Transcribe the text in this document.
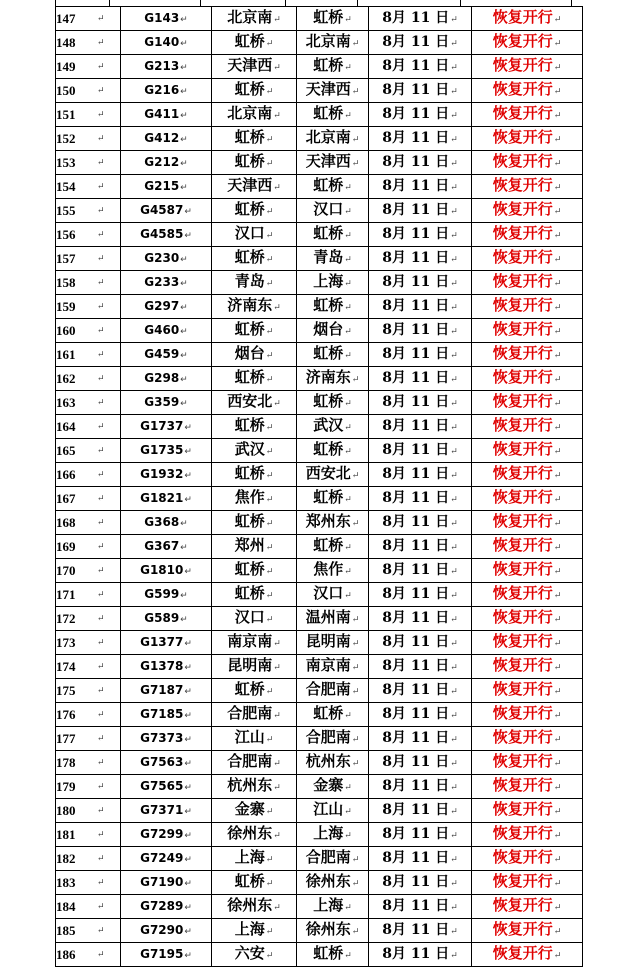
147	↵	G143↵	北京南↵	虹桥↵	8月 11 日↵	恢复开行↵
148	↵	G140↵	虹桥↵	北京南↵	8月 11 日↵	恢复开行↵
149	↵	G213↵	天津西↵	虹桥↵	8月 11 日↵	恢复开行↵
150	↵	G216↵	虹桥↵	天津西↵	8月 11 日↵	恢复开行↵
151	↵	G411↵	北京南↵	虹桥↵	8月 11 日↵	恢复开行↵
152	↵	G412↵	虹桥↵	北京南↵	8月 11 日↵	恢复开行↵
153	↵	G212↵	虹桥↵	天津西↵	8月 11 日↵	恢复开行↵
154	↵	G215↵	天津西↵	虹桥↵	8月 11 日↵	恢复开行↵
155	↵	G4587↵	虹桥↵	汉口↵	8月 11 日↵	恢复开行↵
156	↵	G4585↵	汉口↵	虹桥↵	8月 11 日↵	恢复开行↵
157	↵	G230↵	虹桥↵	青岛↵	8月 11 日↵	恢复开行↵
158	↵	G233↵	青岛↵	上海↵	8月 11 日↵	恢复开行↵
159	↵	G297↵	济南东↵	虹桥↵	8月 11 日↵	恢复开行↵
160	↵	G460↵	虹桥↵	烟台↵	8月 11 日↵	恢复开行↵
161	↵	G459↵	烟台↵	虹桥↵	8月 11 日↵	恢复开行↵
162	↵	G298↵	虹桥↵	济南东↵	8月 11 日↵	恢复开行↵
163	↵	G359↵	西安北↵	虹桥↵	8月 11 日↵	恢复开行↵
164	↵	G1737↵	虹桥↵	武汉↵	8月 11 日↵	恢复开行↵
165	↵	G1735↵	武汉↵	虹桥↵	8月 11 日↵	恢复开行↵
166	↵	G1932↵	虹桥↵	西安北↵	8月 11 日↵	恢复开行↵
167	↵	G1821↵	焦作↵	虹桥↵	8月 11 日↵	恢复开行↵
168	↵	G368↵	虹桥↵	郑州东↵	8月 11 日↵	恢复开行↵
169	↵	G367↵	郑州↵	虹桥↵	8月 11 日↵	恢复开行↵
170	↵	G1810↵	虹桥↵	焦作↵	8月 11 日↵	恢复开行↵
171	↵	G599↵	虹桥↵	汉口↵	8月 11 日↵	恢复开行↵
172	↵	G589↵	汉口↵	温州南↵	8月 11 日↵	恢复开行↵
173	↵	G1377↵	南京南↵	昆明南↵	8月 11 日↵	恢复开行↵
174	↵	G1378↵	昆明南↵	南京南↵	8月 11 日↵	恢复开行↵
175	↵	G7187↵	虹桥↵	合肥南↵	8月 11 日↵	恢复开行↵
176	↵	G7185↵	合肥南↵	虹桥↵	8月 11 日↵	恢复开行↵
177	↵	G7373↵	江山↵	合肥南↵	8月 11 日↵	恢复开行↵
178	↵	G7563↵	合肥南↵	杭州东↵	8月 11 日↵	恢复开行↵
179	↵	G7565↵	杭州东↵	金寨↵	8月 11 日↵	恢复开行↵
180	↵	G7371↵	金寨↵	江山↵	8月 11 日↵	恢复开行↵
181	↵	G7299↵	徐州东↵	上海↵	8月 11 日↵	恢复开行↵
182	↵	G7249↵	上海↵	合肥南↵	8月 11 日↵	恢复开行↵
183	↵	G7190↵	虹桥↵	徐州东↵	8月 11 日↵	恢复开行↵
184	↵	G7289↵	徐州东↵	上海↵	8月 11 日↵	恢复开行↵
185	↵	G7290↵	上海↵	徐州东↵	8月 11 日↵	恢复开行↵
186	↵	G7195↵	六安↵	虹桥↵	8月 11 日↵	恢复开行↵
